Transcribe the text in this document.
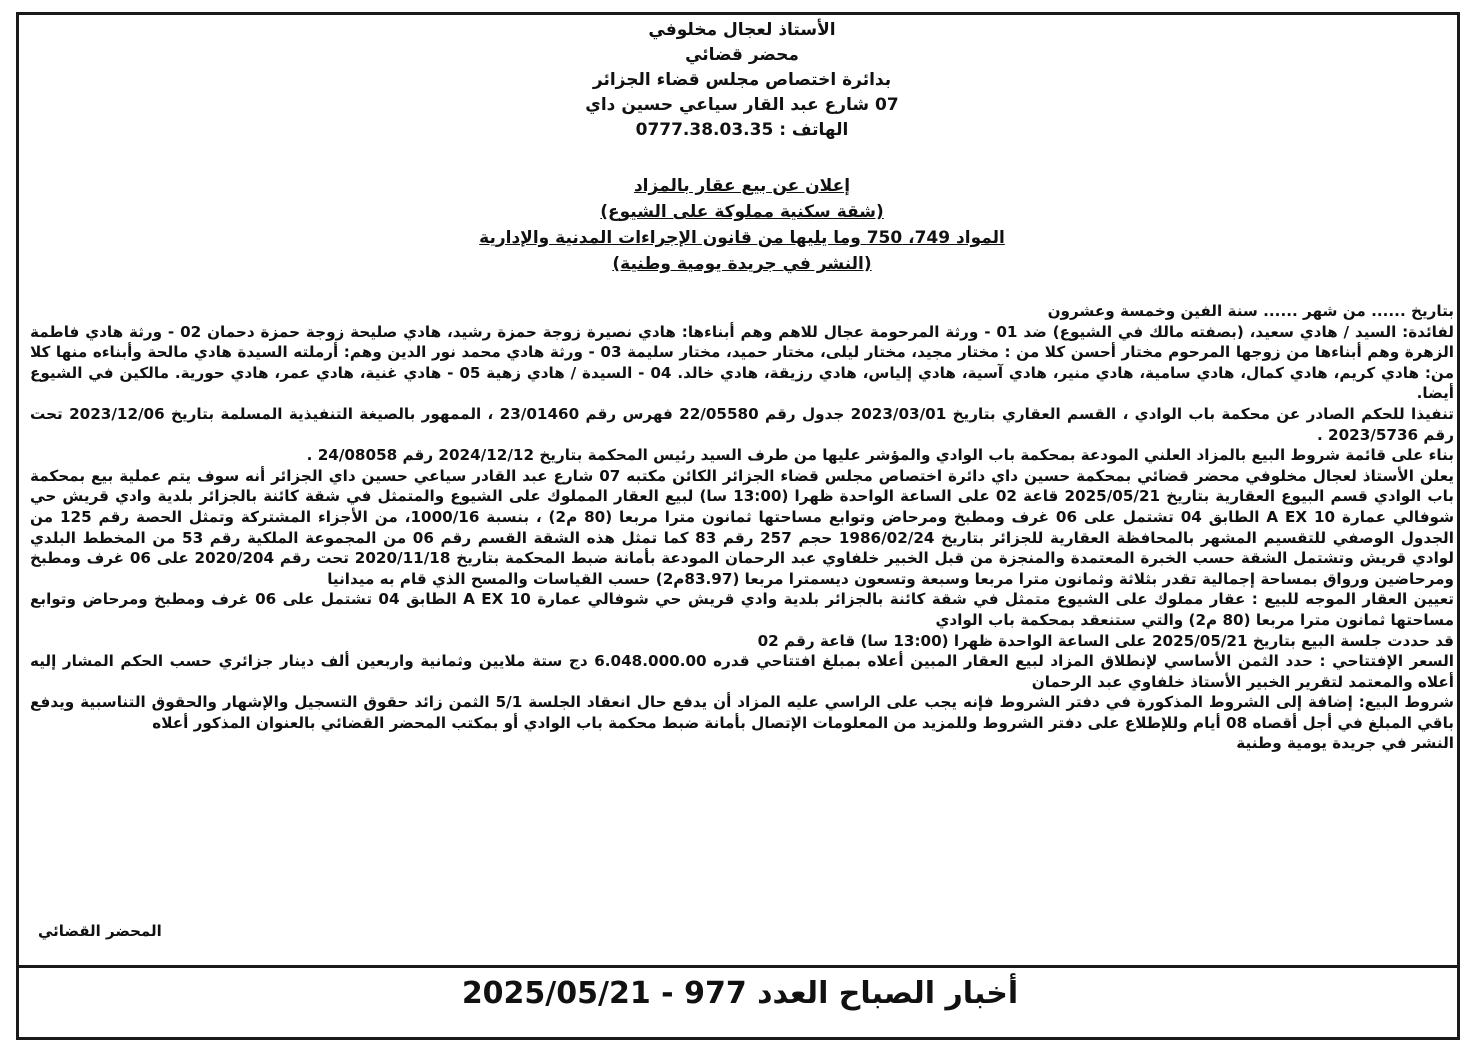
الأستاذ لعجال مخلوفي
محضر قضائي
بدائرة اختصاص مجلس قضاء الجزائر
07 شارع عبد القار سياعي حسين داي
الهاتف : 0777.38.03.35
إعلان عن بيع عقار بالمزاد
(شقة سكنية مملوكة على الشيوع)
المواد 749، 750 وما يليها من قانون الإجراءات المدنية والإدارية
(النشر في جريدة يومية وطنية)

بتاريخ ...... من شهر ...... سنة الفين وخمسة وعشرون

لفائدة: السيد / هادي سعيد، (بصفته مالك في الشيوع) ضد 01 - ورثة المرحومة عجال للاهم وهم أبناءها: هادي نصيرة زوجة حمزة رشيد، هادي صليحة زوجة حمزة دحمان 02 - ورثة هادي فاطمة الزهرة وهم أبناءها من زوجها المرحوم مختار أحسن كلا من : مختار مجيد، مختار ليلى، مختار حميد، مختار سليمة 03 - ورثة هادي محمد نور الدين وهم: أرملته السيدة هادي مالحة وأبناءه منها كلا من: هادي كريم، هادي كمال، هادي سامية، هادي منير، هادي آسية، هادي إلياس، هادي رزيقة، هادي خالد. 04 - السيدة / هادي زهية 05 - هادي غنية، هادي عمر، هادي حورية. مالكين في الشيوع أيضا.

تنفيذا للحكم الصادر عن محكمة باب الوادي ، القسم العقاري بتاريخ 2023/03/01 جدول رقم 22/05580 فهرس رقم 23/01460 ، الممهور بالصيغة التنفيذية المسلمة بتاريخ 2023/12/06 تحت رقم 2023/5736 .

بناء على قائمة شروط البيع بالمزاد العلني المودعة بمحكمة باب الوادي والمؤشر عليها من طرف السيد رئيس المحكمة بتاريخ 2024/12/12 رقم 24/08058 .

يعلن الأستاذ لعجال مخلوفي محضر قضائي بمحكمة حسين داي دائرة اختصاص مجلس قضاء الجزائر الكائن مكتبه 07 شارع عبد القادر سياعي حسين داي الجزائر أنه سوف يتم عملية بيع بمحكمة باب الوادي قسم البيوع العقارية بتاريخ 2025/05/21 قاعة 02 على الساعة الواحدة ظهرا (13:00 سا) لبيع العقار المملوك على الشيوع والمتمثل في شقة كائنة بالجزائر بلدية وادي قريش حي شوفالي عمارة A EX 10 الطابق 04 تشتمل على 06 غرف ومطبخ ومرحاض وتوابع مساحتها ثمانون مترا مربعا (80 م2) ، بنسبة 1000/16، من الأجزاء المشتركة وتمثل الحصة رقم 125 من الجدول الوصفي للتقسيم المشهر بالمحافظة العقارية للجزائر بتاريخ 1986/02/24 حجم 257 رقم 83 كما تمثل هذه الشقة القسم رقم 06 من المجموعة الملكية رقم 53 من المخطط البلدي لوادي قريش وتشتمل الشقة حسب الخبرة المعتمدة والمنجزة من قبل الخبير خلفاوي عبد الرحمان المودعة بأمانة ضبط المحكمة بتاريخ 2020/11/18 تحت رقم 2020/204 على 06 غرف ومطبخ ومرحاضين ورواق بمساحة إجمالية تقدر بثلاثة وثمانون مترا مربعا وسبعة وتسعون ديسمترا مربعا (83.97م2) حسب القياسات والمسح الذي قام به ميدانيا

تعيين العقار الموجه للبيع : عقار مملوك على الشيوع متمثل في شقة كائنة بالجزائر بلدية وادي قريش حي شوفالي عمارة A EX 10 الطابق 04 تشتمل على 06 غرف ومطبخ ومرحاض وتوابع مساحتها ثمانون مترا مربعا (80 م2) والتي ستنعقد بمحكمة باب الوادي

قد حددت جلسة البيع بتاريخ 2025/05/21 على الساعة الواحدة ظهرا (13:00 سا) قاعة رقم 02

السعر الإفتتاحي : حدد الثمن الأساسي لإنطلاق المزاد لبيع العقار المبين أعلاه بمبلغ افتتاحي قدره 6.048.000.00 دج ستة ملايين وثمانية واربعين ألف دينار جزائري حسب الحكم المشار إليه أعلاه والمعتمد لتقرير الخبير الأستاذ خلفاوي عبد الرحمان

شروط البيع: إضافة إلى الشروط المذكورة في دفتر الشروط فإنه يجب على الراسي عليه المزاد أن يدفع حال انعقاد الجلسة 5/1 الثمن زائد حقوق التسجيل والإشهار والحقوق التناسبية ويدفع باقي المبلغ في أجل أقصاه 08 أيام وللإطلاع على دفتر الشروط وللمزيد من المعلومات الإتصال بأمانة ضبط محكمة باب الوادي أو بمكتب المحضر القضائي بالعنوان المذكور أعلاه

النشر في جريدة يومية وطنية

المحضر القضائي
أخبار الصباح العدد 977 - 2025/05/21
